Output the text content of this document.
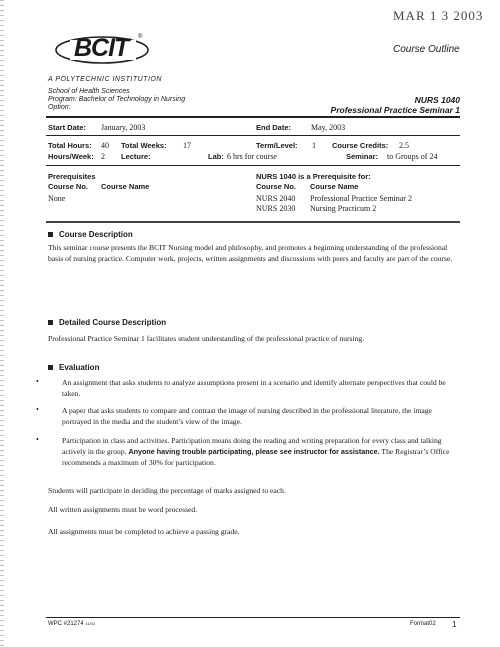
MAR 1 3 2003
BCIT ®
Course Outline
A POLYTECHNIC INSTITUTION
School of Health Sciences
Program: Bachelor of Technology in Nursing
Option:
NURS 1040
Professional Practice Seminar 1
Start Date: January, 2003	End Date: May, 2003
Total Hours: 40 Total Weeks: 17	Term/Level: 1 Course Credits: 2.5
Hours/Week: 2 Lecture:	Lab: 6 hrs for course	Seminar: to Groups of 24
Prerequisites
Course No. Course Name
None
NURS 1040 is a Prerequisite for:
Course No. Course Name
NURS 2040 Professional Practice Seminar 2
NURS 2030 Nursing Practicum 2
Course Description
This seminar course presents the BCIT Nursing model and philosophy, and promotes a beginning understanding of the professional basis of nursing practice. Computer work, projects, written assignments and discussions with peers and faculty are part of the course.
Detailed Course Description
Professional Practice Seminar 1 facilitates student understanding of the professional practice of nursing.
Evaluation
•	An assignment that asks students to analyze assumptions present in a scenario and identify alternate perspectives that could be taken.
•	A paper that asks students to compare and contrast the image of nursing described in the professional literature, the image portrayed in the media and the student’s view of the image.
•	Participation in class and activities. Participation means doing the reading and writing preparation for every class and talking actively in the group. Anyone having trouble participating, please see instructor for assistance. The Registrar’s Office recommends a maximum of 30% for participation.
Students will participate in deciding the percentage of marks assigned to each.
All written assignments must be word processed.
All assignments must be completed to achieve a passing grade.
WPC #21274 11/02	Format02 1
